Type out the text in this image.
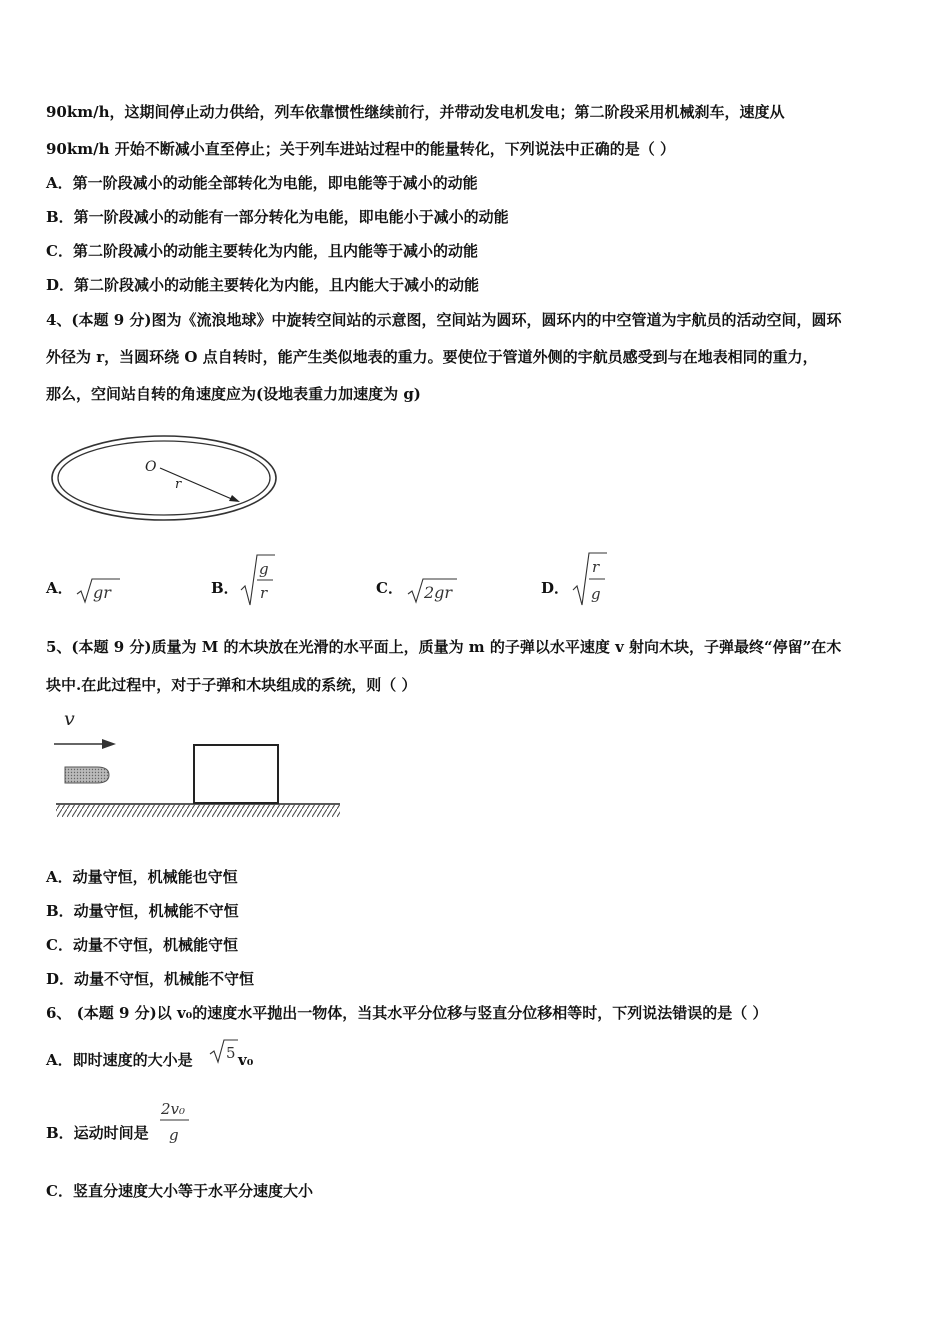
90km/h，这期间停止动力供给，列车依靠惯性继续前行，并带动发电机发电；第二阶段采用机械刹车，速度从
90km/h 开始不断减小直至停止；关于列车进站过程中的能量转化，下列说法中正确的是（ ）
A．第一阶段减小的动能全部转化为电能，即电能等于减小的动能
B．第一阶段减小的动能有一部分转化为电能，即电能小于减小的动能
C．第二阶段减小的动能主要转化为内能，且内能等于减小的动能
D．第二阶段减小的动能主要转化为内能，且内能大于减小的动能
4、(本题 9 分)图为《流浪地球》中旋转空间站的示意图，空间站为圆环，圆环内的中空管道为宇航员的活动空间，圆环
外径为 r，当圆环绕 O 点自转时，能产生类似地表的重力。要使位于管道外侧的宇航员感受到与在地表相同的重力，
那么，空间站自转的角速度应为(设地表重力加速度为 g)
O
r
A． gr	B．
g
r	C． 2gr	D．
r
g
5、(本题 9 分)质量为 M 的木块放在光滑的水平面上，质量为 m 的子弹以水平速度 v 射向木块，子弹最终“停留”在木
块中.在此过程中，对于子弹和木块组成的系统，则（ ）
v
A．动量守恒，机械能也守恒
B．动量守恒，机械能不守恒
C．动量不守恒，机械能守恒
D．动量不守恒，机械能不守恒
6、 (本题 9 分)以 v₀的速度水平抛出一物体，当其水平分位移与竖直分位移相等时，下列说法错误的是（ ）
A．即时速度的大小是 5 v₀
B．运动时间是
2v₀
g
C．竖直分速度大小等于水平分速度大小
